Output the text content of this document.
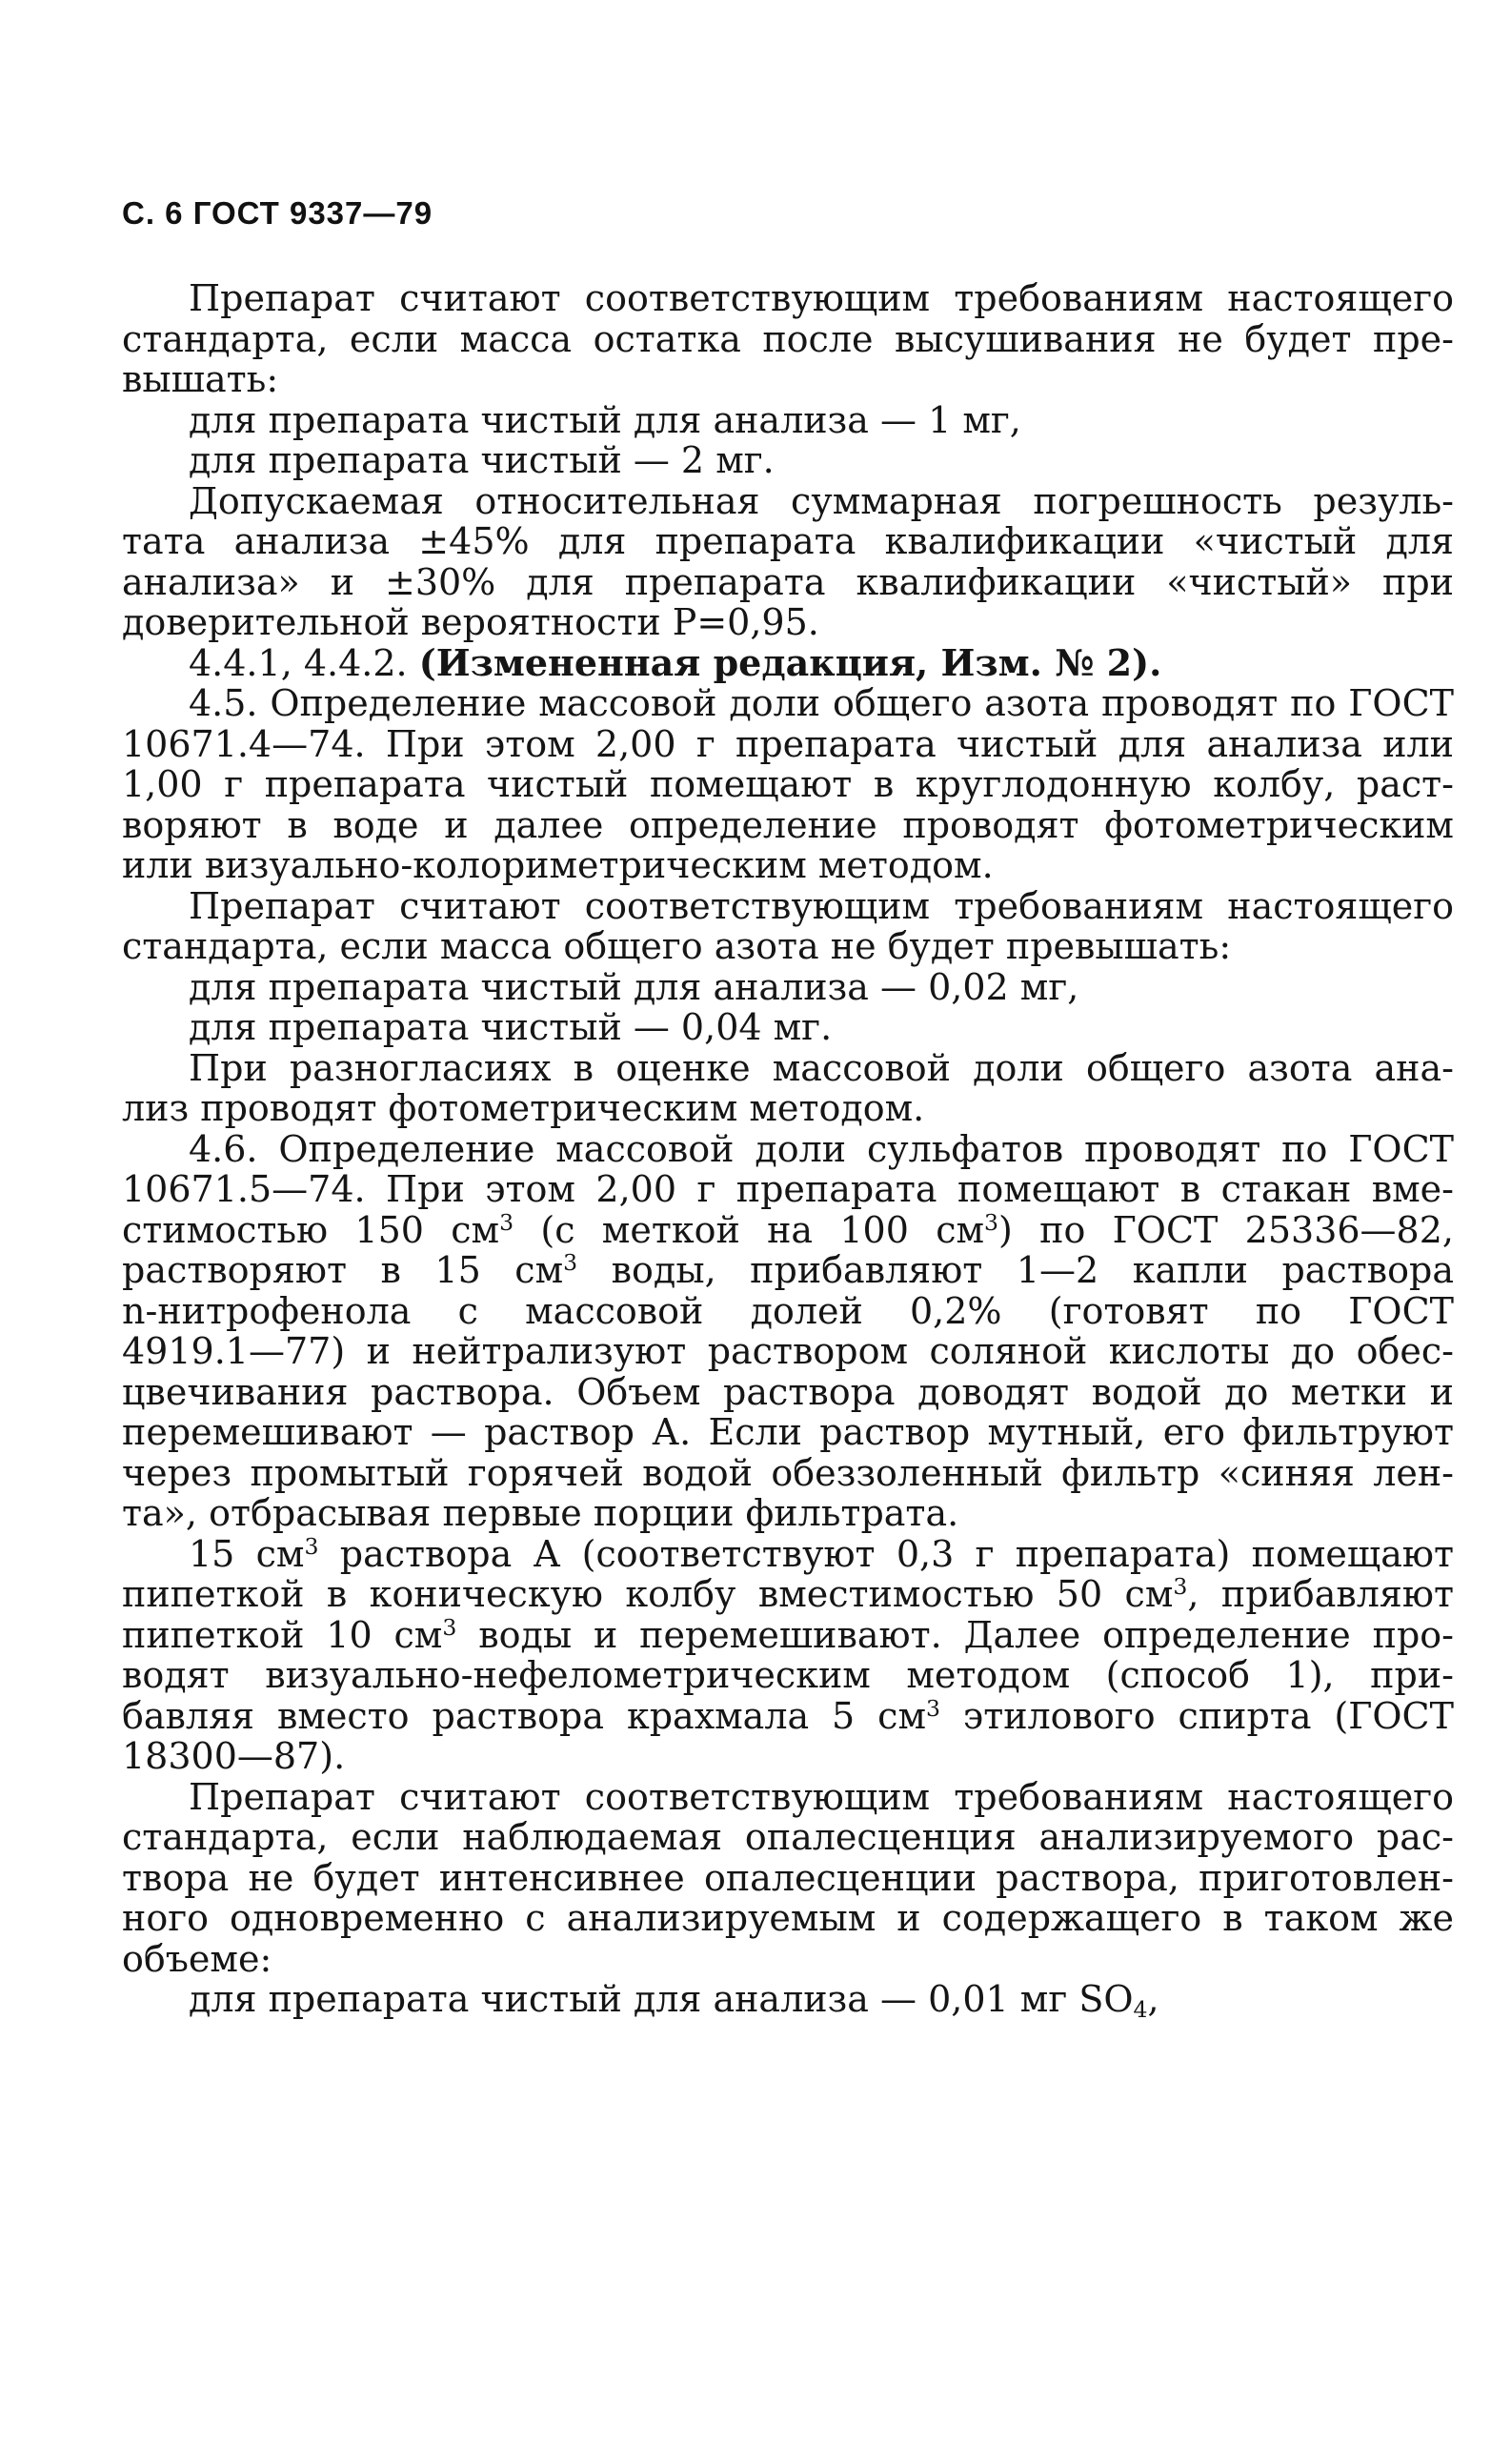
С. 6 ГОСТ 9337—79

Препарат считают соответствующим требованиям настоящего
стандарта, если масса остатка после высушивания не будет пре-
вышать:

для препарата чистый для анализа — 1 мг,
для препарата чистый — 2 мг.

Допускаемая относительная суммарная погрешность резуль-
тата анализа ±45% для препарата квалификации «чистый для
анализа» и ±30% для препарата квалификации «чистый» при
доверительной вероятности P=0,95.

4.4.1, 4.4.2. (Измененная редакция, Изм. № 2).

4.5. Определение массовой доли общего азота проводят по ГОСТ
10671.4—74. При этом 2,00 г препарата чистый для анализа или
1,00 г препарата чистый помещают в круглодонную колбу, раст-
воряют в воде и далее определение проводят фотометрическим
или визуально-колориметрическим методом.

Препарат считают соответствующим требованиям настоящего
стандарта, если масса общего азота не будет превышать:

для препарата чистый для анализа — 0,02 мг,
для препарата чистый — 0,04 мг.

При разногласиях в оценке массовой доли общего азота ана-
лиз проводят фотометрическим методом.

4.6. Определение массовой доли сульфатов проводят по ГОСТ
10671.5—74. При этом 2,00 г препарата помещают в стакан вме-
стимостью 150 $см^3$ (с меткой на 100 $см^3$) по ГОСТ 25336—82,
растворяют в 15 $см^3$ воды, прибавляют 1—2 капли раствора
n-нитрофенола с массовой долей 0,2% (готовят по ГОСТ
4919.1—77) и нейтрализуют раствором соляной кислоты до обес-
цвечивания раствора. Объем раствора доводят водой до метки и
перемешивают — раствор А. Если раствор мутный, его фильтруют
через промытый горячей водой обеззоленный фильтр «синяя лен-
та», отбрасывая первые порции фильтрата.

15 $см^3$ раствора А (соответствуют 0,3 г препарата) помещают
пипеткой в коническую колбу вместимостью 50 $см^3$, прибавляют
пипеткой 10 $см^3$ воды и перемешивают. Далее определение про-
водят визуально-нефелометрическим методом (способ 1), при-
бавляя вместо раствора крахмала 5 $см^3$ этилового спирта (ГОСТ
18300—87).

Препарат считают соответствующим требованиям настоящего
стандарта, если наблюдаемая опалесценция анализируемого рас-
твора не будет интенсивнее опалесценции раствора, приготовлен-
ного одновременно с анализируемым и содержащего в таком же
объеме:

для препарата чистый для анализа — 0,01 мг $SO_4$,
